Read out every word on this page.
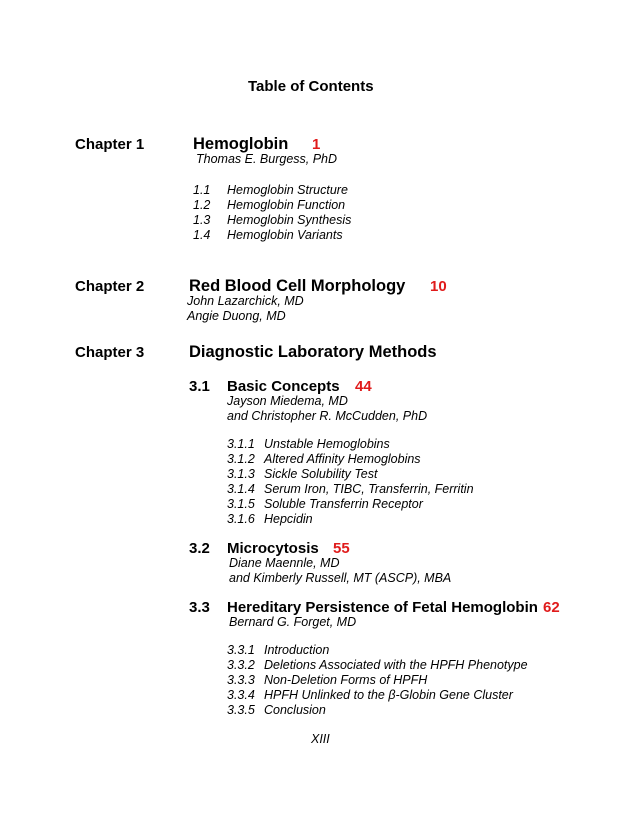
Table of Contents
Chapter 1	Hemoglobin 1
Thomas E. Burgess, PhD
1.1 Hemoglobin Structure
1.2 Hemoglobin Function
1.3 Hemoglobin Synthesis
1.4 Hemoglobin Variants
Chapter 2	Red Blood Cell Morphology 10
John Lazarchick, MD
Angie Duong, MD
Chapter 3	Diagnostic Laboratory Methods
3.1 Basic Concepts 44
Jayson Miedema, MD
and Christopher R. McCudden, PhD
3.1.1 Unstable Hemoglobins
3.1.2 Altered Affinity Hemoglobins
3.1.3 Sickle Solubility Test
3.1.4 Serum Iron, TIBC, Transferrin, Ferritin
3.1.5 Soluble Transferrin Receptor
3.1.6 Hepcidin
3.2 Microcytosis 55
Diane Maennle, MD
and Kimberly Russell, MT (ASCP), MBA
3.3 Hereditary Persistence of Fetal Hemoglobin 62
Bernard G. Forget, MD
3.3.1 Introduction
3.3.2 Deletions Associated with the HPFH Phenotype
3.3.3 Non-Deletion Forms of HPFH
3.3.4 HPFH Unlinked to the β-Globin Gene Cluster
3.3.5 Conclusion
XIII
